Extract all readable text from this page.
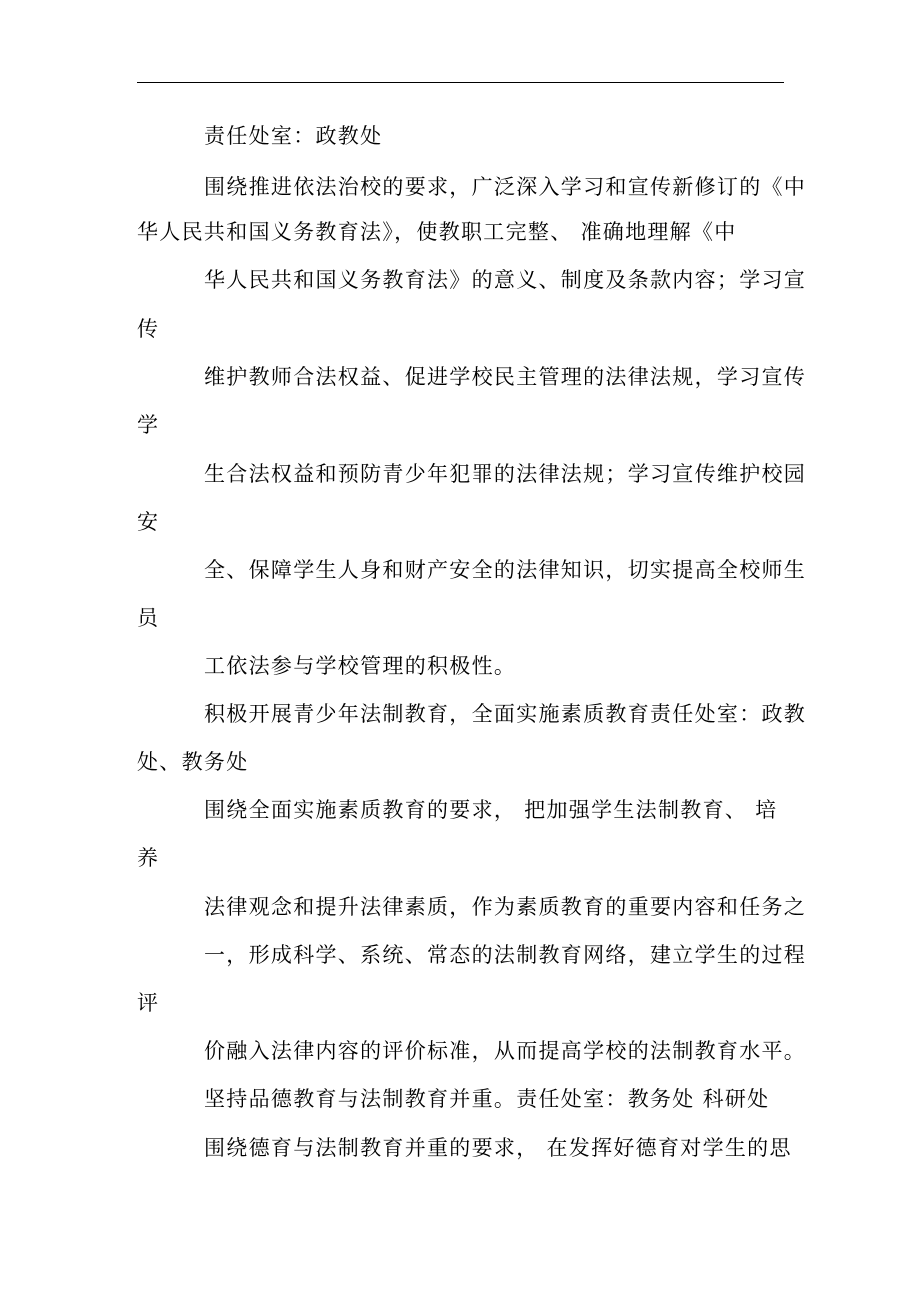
责任处室：政教处
围绕推进依法治校的要求，广泛深入学习和宣传新修订的《中
华人民共和国义务教育法》，使教职工完整、 准确地理解《中
华人民共和国义务教育法》的意义、制度及条款内容；学习宣
传
维护教师合法权益、促进学校民主管理的法律法规，学习宣传
学
生合法权益和预防青少年犯罪的法律法规；学习宣传维护校园
安
全、保障学生人身和财产安全的法律知识，切实提高全校师生
员
工依法参与学校管理的积极性。
积极开展青少年法制教育，全面实施素质教育责任处室：政教
处、教务处
围绕全面实施素质教育的要求， 把加强学生法制教育、 培
养
法律观念和提升法律素质，作为素质教育的重要内容和任务之
一，形成科学、系统、常态的法制教育网络，建立学生的过程
评
价融入法律内容的评价标准，从而提高学校的法制教育水平。
坚持品德教育与法制教育并重。责任处室：教务处 科研处
围绕德育与法制教育并重的要求， 在发挥好德育对学生的思
